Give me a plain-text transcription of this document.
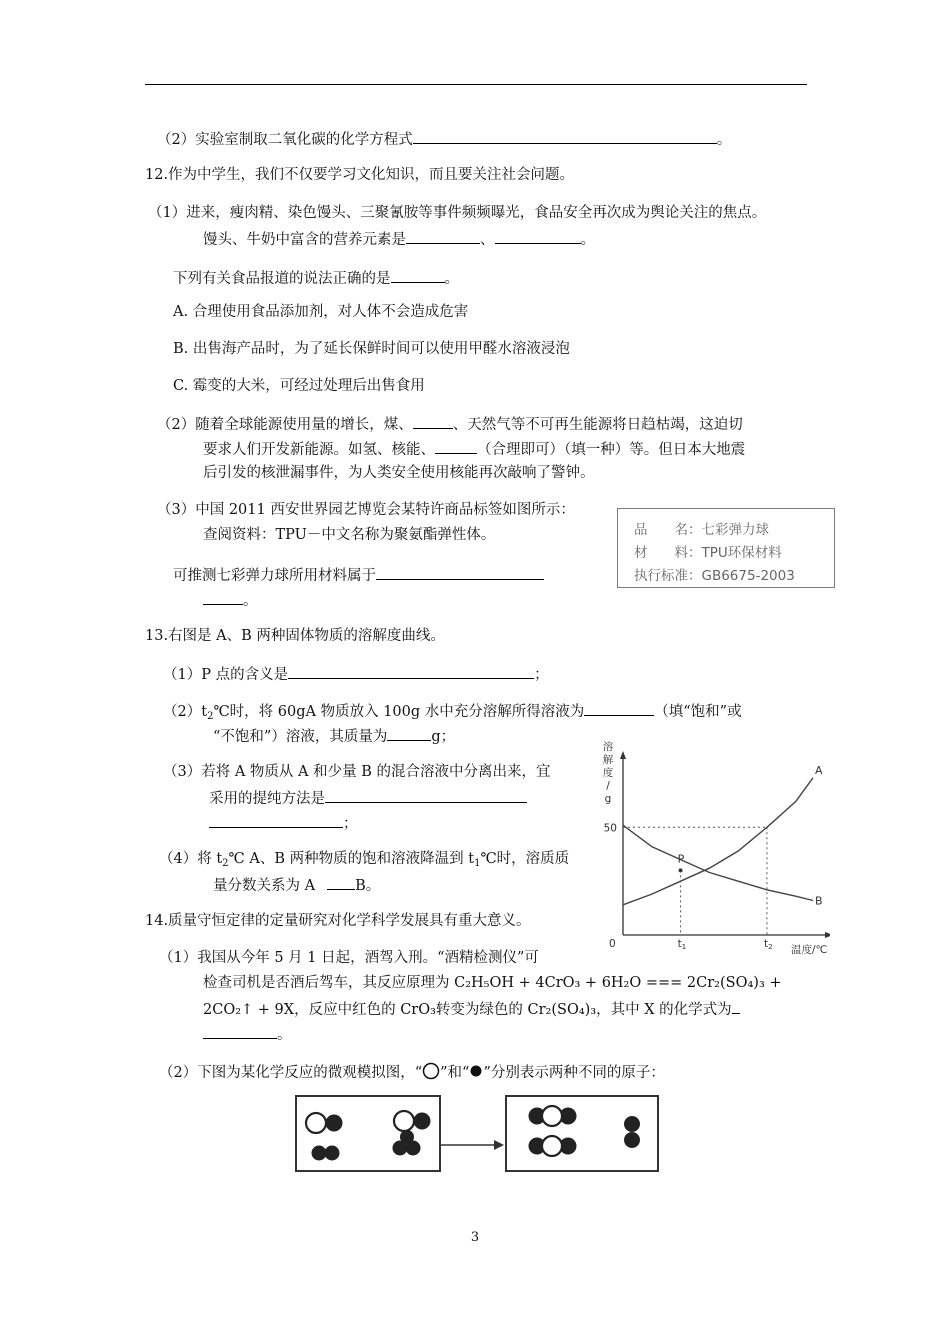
（2）实验室制取二氧化碳的化学方程式	。
12.作为中学生，我们不仅要学习文化知识，而且要关注社会问题。
（1）进来，瘦肉精、染色馒头、三聚氰胺等事件频频曝光，食品安全再次成为舆论关注的焦点。
馒头、牛奶中富含的营养元素是	、	。
下列有关食品报道的说法正确的是	。
A. 合理使用食品添加剂，对人体不会造成危害
B. 出售海产品时，为了延长保鲜时间可以使用甲醛水溶液浸泡
C. 霉变的大米，可经过处理后出售食用
（2）随着全球能源使用量的增长，煤、	、天然气等不可再生能源将日趋枯竭，这迫切
要求人们开发新能源。如氢、核能、	（合理即可）（填一种）等。但日本大地震
后引发的核泄漏事件，为人类安全使用核能再次敲响了警钟。
（3）中国 2011 西安世界园艺博览会某特许商品标签如图所示：
查阅资料：TPU－中文名称为聚氨酯弹性体。
可推测七彩弹力球所用材料属于
。
品　　名：七彩弹力球
材　　料：TPU环保材料
执行标准：GB6675-2003
13.右图是 A、B 两种固体物质的溶解度曲线。
（1）P 点的含义是	；
$(2)t_2℃$时，将 60gA 物质放入 100g 水中充分溶解所得溶液为	（填“饱和”或
“不饱和”）溶液，其质量为	g；
（3）若将 A 物质从 A 和少量 B 的混合溶液中分离出来，宜
采用的提纯方法是
；
（4）将 $t_2℃$ A、B 两种物质的饱和溶液降温到 $t_1℃$时，溶质质
量分数关系为 A	B。
溶
解
度
/
g
温度/℃
0
50
t1	t2
A
B
P
14.质量守恒定律的定量研究对化学科学发展具有重大意义。
（1）我国从今年 5 月 1 日起，酒驾入刑。“酒精检测仪”可
检查司机是否酒后驾车，其反应原理为 C₂H₅OH + 4CrO₃ + 6H₂O === 2Cr₂(SO₄)₃ +
2CO₂↑ + 9X，反应中红色的 CrO₃转变为绿色的 Cr₂(SO₄)₃，其中 X 的化学式为
。
（2）下图为某化学反应的微观模拟图，“ ”和“ ”分别表示两种不同的原子：
3
